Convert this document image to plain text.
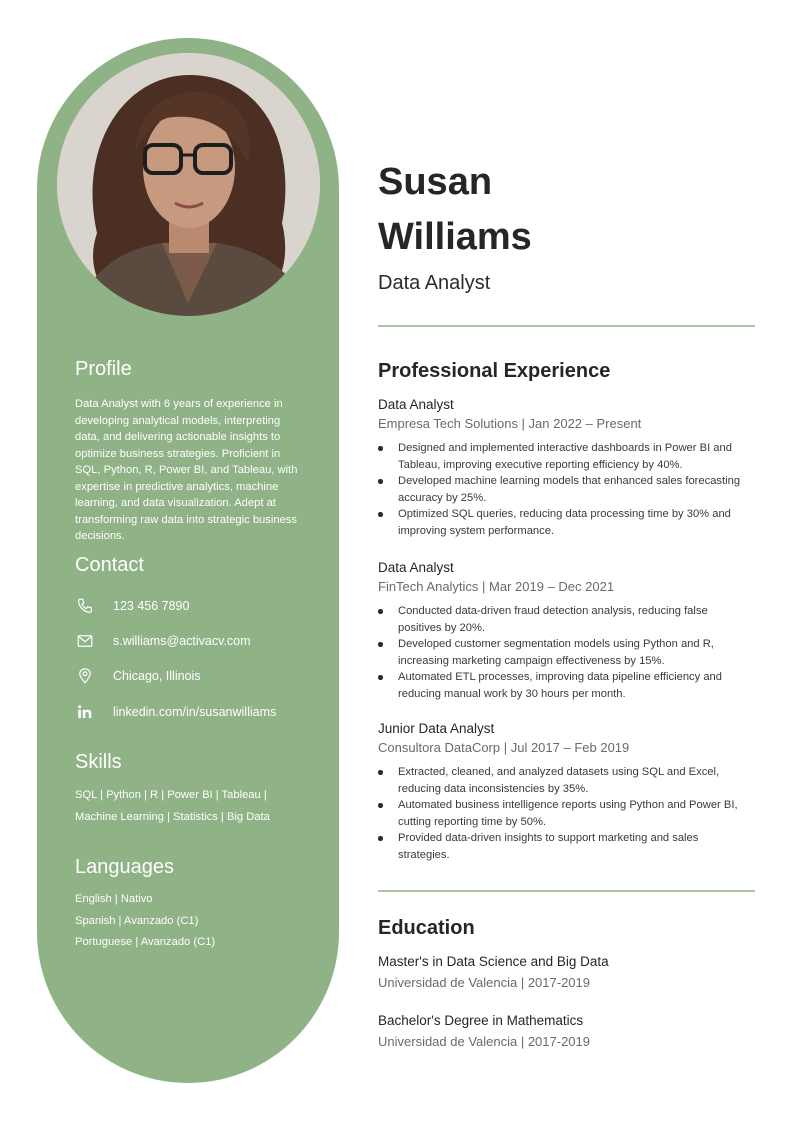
Profile

Data Analyst with 6 years of experience in developing analytical models, interpreting data, and delivering actionable insights to optimize business strategies. Proficient in SQL, Python, R, Power BI, and Tableau, with expertise in predictive analytics, machine learning, and data visualization. Adept at transforming raw data into strategic business decisions.

Contact
123 456 7890
s.williams@activacv.com
Chicago, Illinois
linkedin.com/in/susanwilliams
Skills
SQL | Python | R | Power BI | Tableau |
Machine Learning | Statistics | Big Data
Languages
English | Nativo
Spanish | Avanzado (C1)
Portuguese | Avanzado (C1)
Susan
Williams
Data Analyst
Professional Experience
Data Analyst
Empresa Tech Solutions | Jan 2022 – Present
Designed and implemented interactive dashboards in Power BI and Tableau, improving executive reporting efficiency by 40%.
Developed machine learning models that enhanced sales forecasting accuracy by 25%.
Optimized SQL queries, reducing data processing time by 30% and improving system performance.
Data Analyst
FinTech Analytics | Mar 2019 – Dec 2021
Conducted data-driven fraud detection analysis, reducing false positives by 20%.
Developed customer segmentation models using Python and R, increasing marketing campaign effectiveness by 15%.
Automated ETL processes, improving data pipeline efficiency and reducing manual work by 30 hours per month.
Junior Data Analyst
Consultora DataCorp | Jul 2017 – Feb 2019
Extracted, cleaned, and analyzed datasets using SQL and Excel, reducing data inconsistencies by 35%.
Automated business intelligence reports using Python and Power BI, cutting reporting time by 50%.
Provided data-driven insights to support marketing and sales strategies.
Education
Master's in Data Science and Big Data
Universidad de Valencia | 2017-2019
Bachelor's Degree in Mathematics
Universidad de Valencia | 2017-2019
